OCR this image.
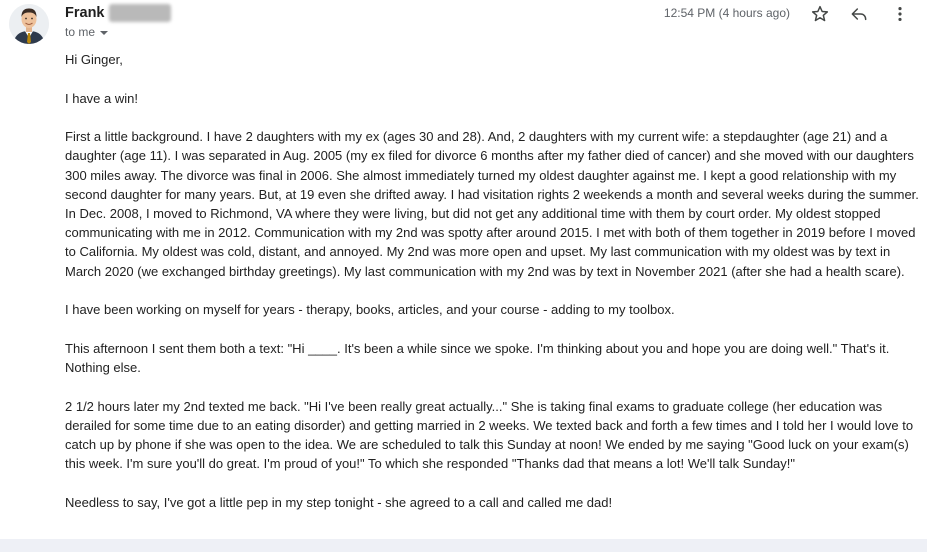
Frank
to me
12:54 PM (4 hours ago)

Hi Ginger,

I have a win!

First a little background. I have 2 daughters with my ex (ages 30 and 28). And, 2 daughters with my current wife: a stepdaughter (age 21) and a daughter (age 11). I was separated in Aug. 2005 (my ex filed for divorce 6 months after my father died of cancer) and she moved with our daughters 300 miles away. The divorce was final in 2006. She almost immediately turned my oldest daughter against me. I kept a good relationship with my second daughter for many years. But, at 19 even she drifted away. I had visitation rights 2 weekends a month and several weeks during the summer. In Dec. 2008, I moved to Richmond, VA where they were living, but did not get any additional time with them by court order. My oldest stopped communicating with me in 2012. Communication with my 2nd was spotty after around 2015. I met with both of them together in 2019 before I moved to California. My oldest was cold, distant, and annoyed. My 2nd was more open and upset. My last communication with my oldest was by text in March 2020 (we exchanged birthday greetings). My last communication with my 2nd was by text in November 2021 (after she had a health scare).

I have been working on myself for years - therapy, books, articles, and your course - adding to my toolbox.

This afternoon I sent them both a text: "Hi ____. It's been a while since we spoke. I'm thinking about you and hope you are doing well." That's it. Nothing else.

2 1/2 hours later my 2nd texted me back. "Hi I've been really great actually..." She is taking final exams to graduate college (her education was derailed for some time due to an eating disorder) and getting married in 2 weeks. We texted back and forth a few times and I told her I would love to catch up by phone if she was open to the idea. We are scheduled to talk this Sunday at noon! We ended by me saying "Good luck on your exam(s) this week. I'm sure you'll do great. I'm proud of you!" To which she responded "Thanks dad that means a lot! We'll talk Sunday!"

Needless to say, I've got a little pep in my step tonight - she agreed to a call and called me dad!
